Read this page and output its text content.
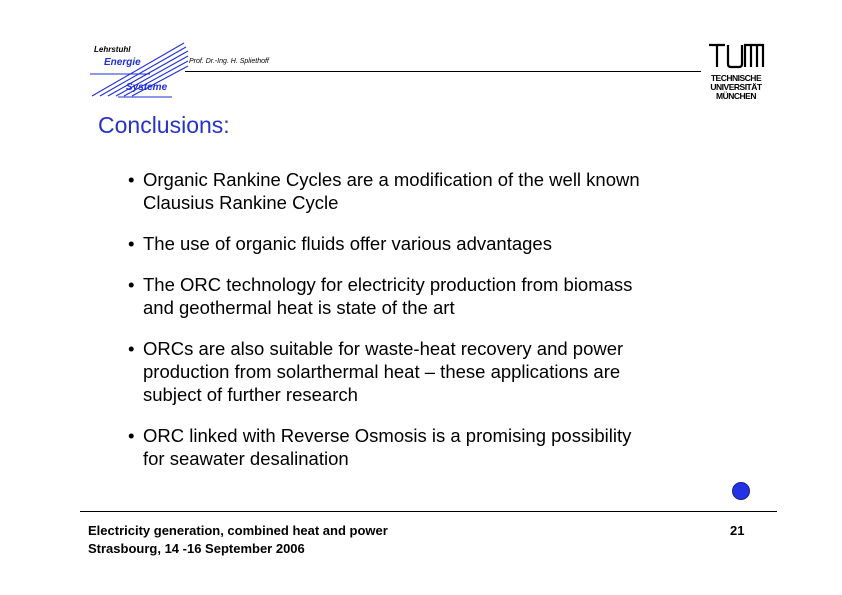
Lehrstuhl
Energie
Systeme
Prof. Dr.-Ing. H. Spliethoff
TECHNISCHE
UNIVERSITÄT
MÜNCHEN
Conclusions:
• Organic Rankine Cycles are a modification of the well known
Clausius Rankine Cycle
• The use of organic fluids offer various advantages
• The ORC technology for electricity production from biomass
and geothermal heat is state of the art
• ORCs are also suitable for waste-heat recovery and power
production from solarthermal heat – these applications are
subject of further research
• ORC linked with Reverse Osmosis is a promising possibility
for seawater desalination
Electricity generation, combined heat and power
Strasbourg, 14 -16 September 2006
21
